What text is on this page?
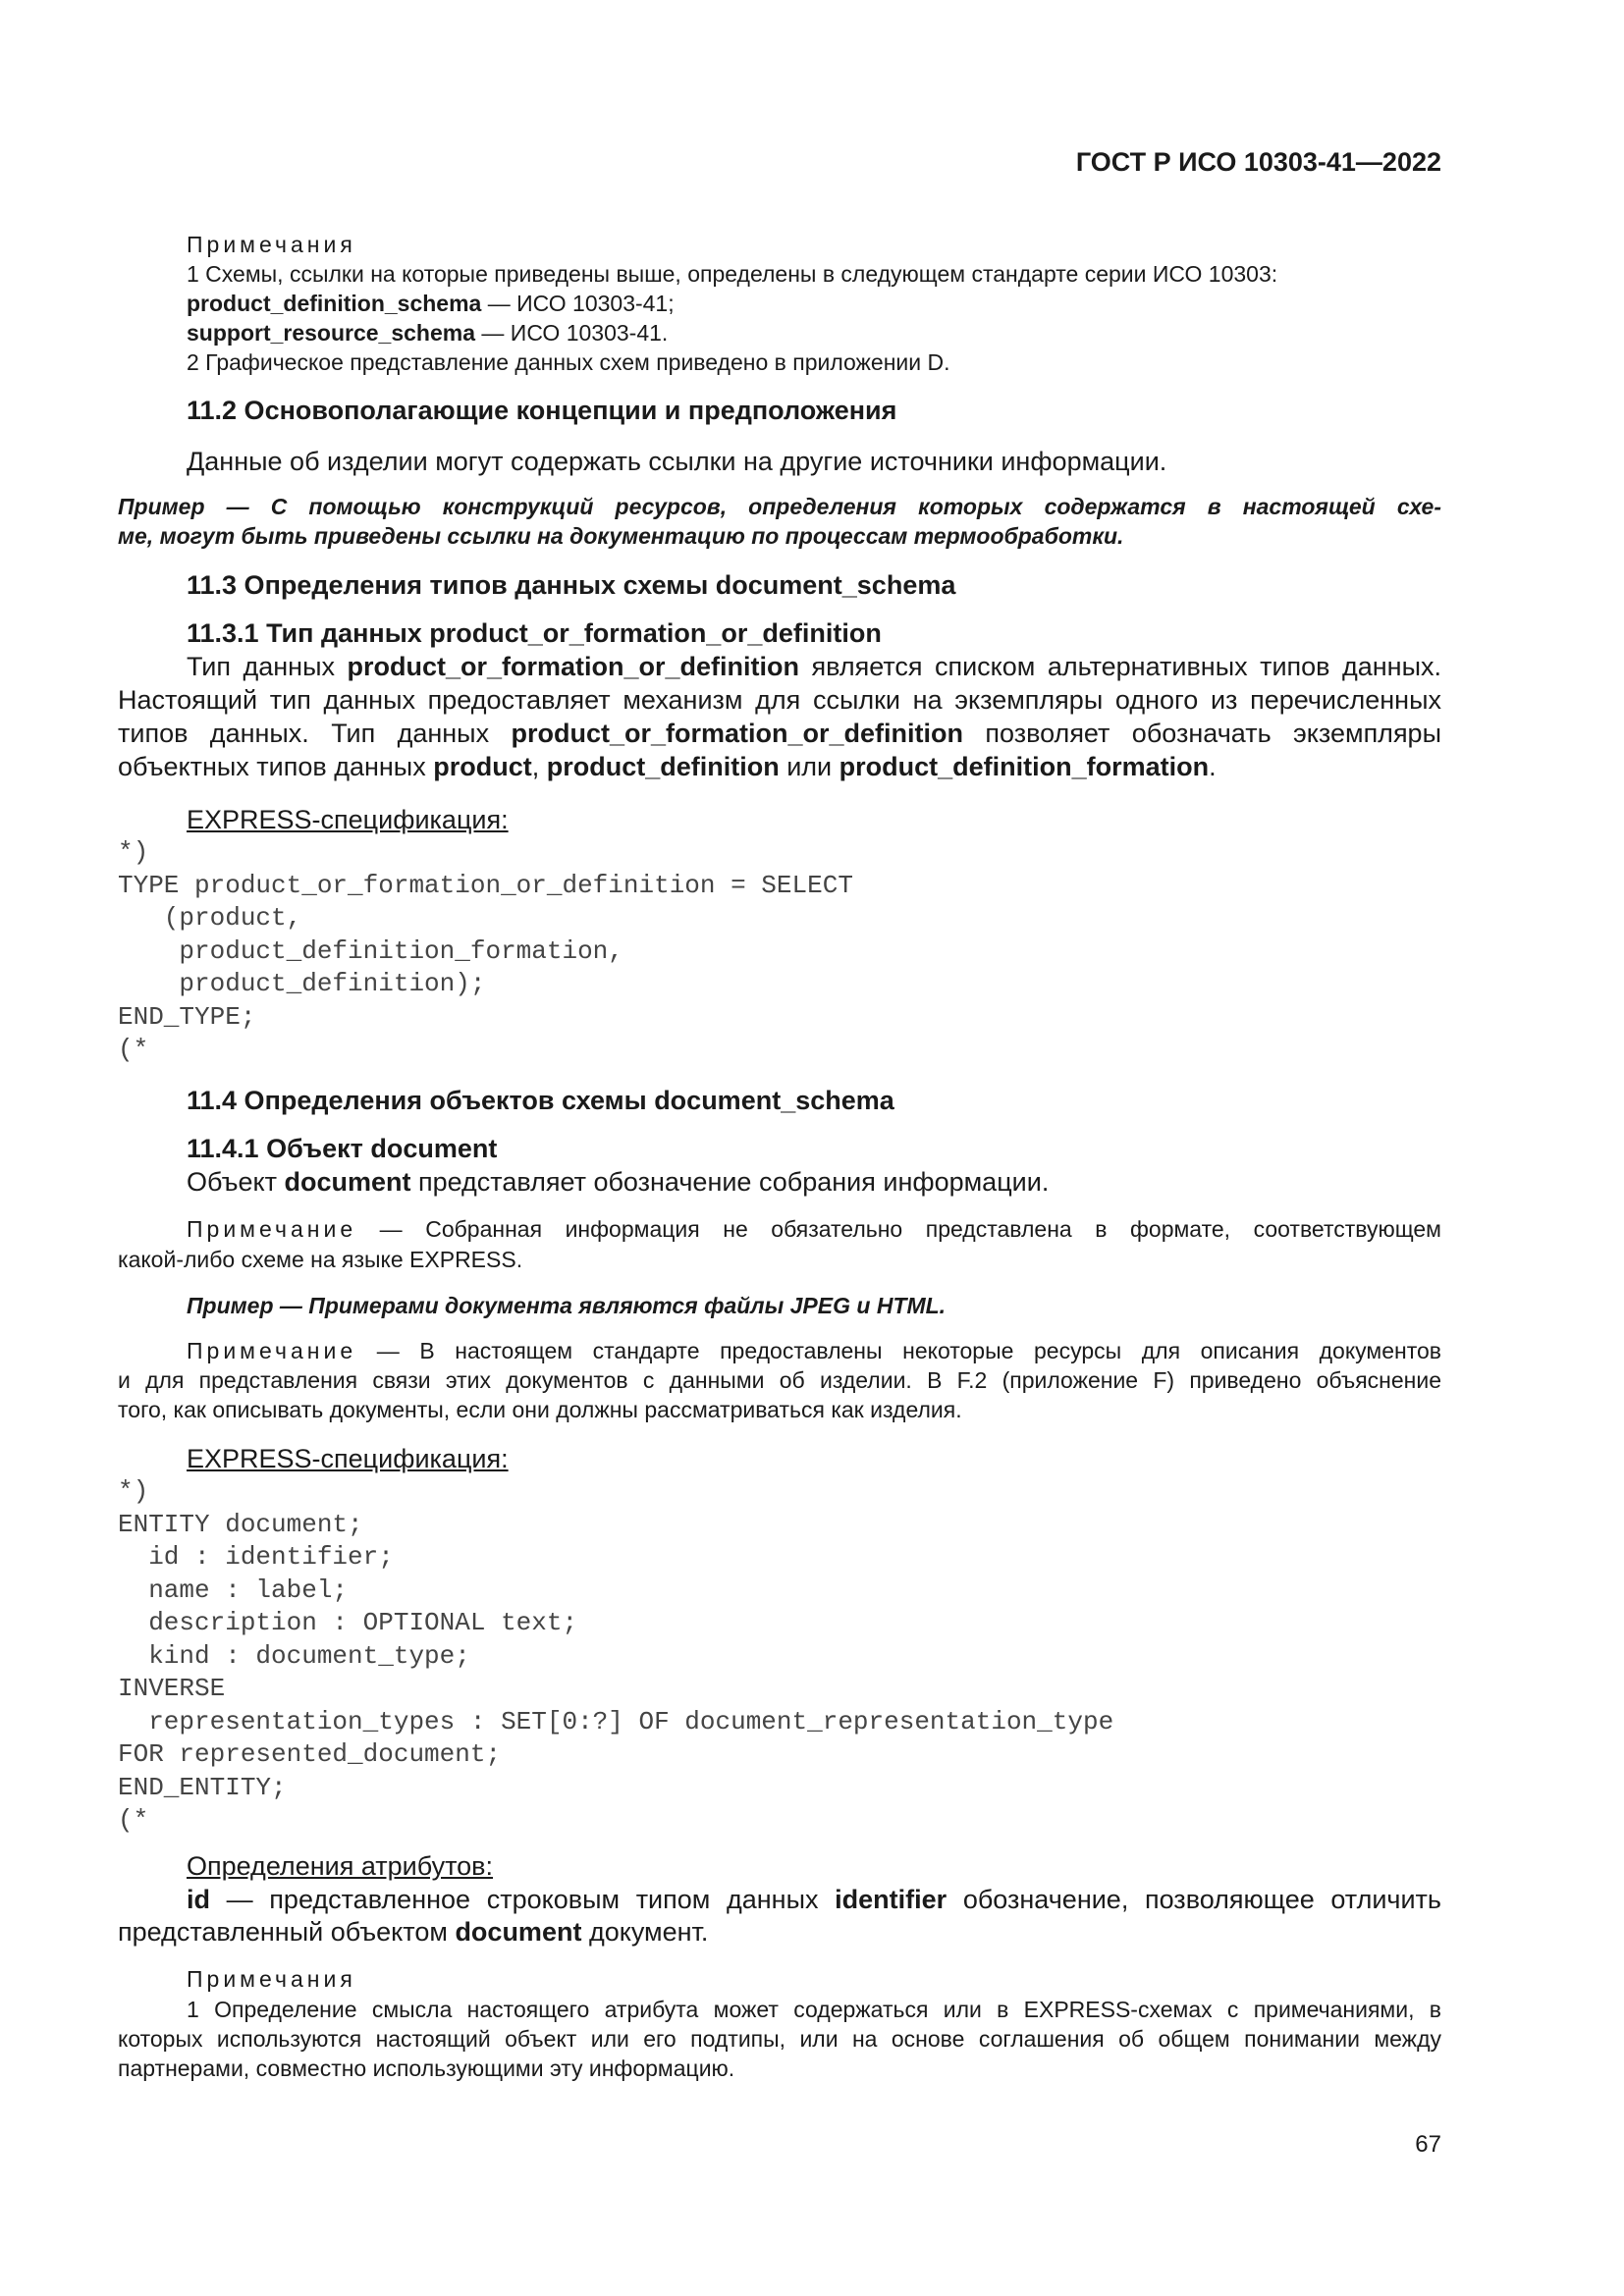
ГОСТ Р ИСО 10303-41—2022
Примечания
1 Схемы, ссылки на которые приведены выше, определены в следующем стандарте серии ИСО 10303:
product_definition_schema — ИСО 10303-41;
support_resource_schema — ИСО 10303-41.
2 Графическое представление данных схем приведено в приложении D.
11.2 Основополагающие концепции и предположения
Данные об изделии могут содержать ссылки на другие источники информации.
Пример — С помощью конструкций ресурсов, определения которых содержатся в настоящей схе-
ме, могут быть приведены ссылки на документацию по процессам термообработки.
11.3 Определения типов данных схемы document_schema
11.3.1 Тип данных product_or_formation_or_definition
Тип данных product_or_formation_or_definition является списком альтернативных типов данных.
Настоящий тип данных предоставляет механизм для ссылки на экземпляры одного из перечисленных
типов данных. Тип данных product_or_formation_or_definition позволяет обозначать экземпляры
объектных типов данных product, product_definition или product_definition_formation.
EXPRESS-спецификация:
*)
TYPE product_or_formation_or_definition = SELECT
(product,
product_definition_formation,
product_definition);
END_TYPE;
(*
11.4 Определения объектов схемы document_schema
11.4.1 Объект document
Объект document представляет обозначение собрания информации.
Примечание — Собранная информация не обязательно представлена в формате, соответствующем
какой-либо схеме на языке EXPRESS.
Пример — Примерами документа являются файлы JPEG и HTML.
Примечание — В настоящем стандарте предоставлены некоторые ресурсы для описания документов
и для представления связи этих документов с данными об изделии. В F.2 (приложение F) приведено объяснение
того, как описывать документы, если они должны рассматриваться как изделия.
EXPRESS-спецификация:
*)
ENTITY document;
id : identifier;
name : label;
description : OPTIONAL text;
kind : document_type;
INVERSE
representation_types : SET[0:?] OF document_representation_type
FOR represented_document;
END_ENTITY;
(*
Определения атрибутов:
id — представленное строковым типом данных identifier обозначение, позволяющее отличить
представленный объектом document документ.
Примечания
1 Определение смысла настоящего атрибута может содержаться или в EXPRESS-схемах с примечаниями, в
которых используются настоящий объект или его подтипы, или на основе соглашения об общем понимании между
партнерами, совместно использующими эту информацию.
67
